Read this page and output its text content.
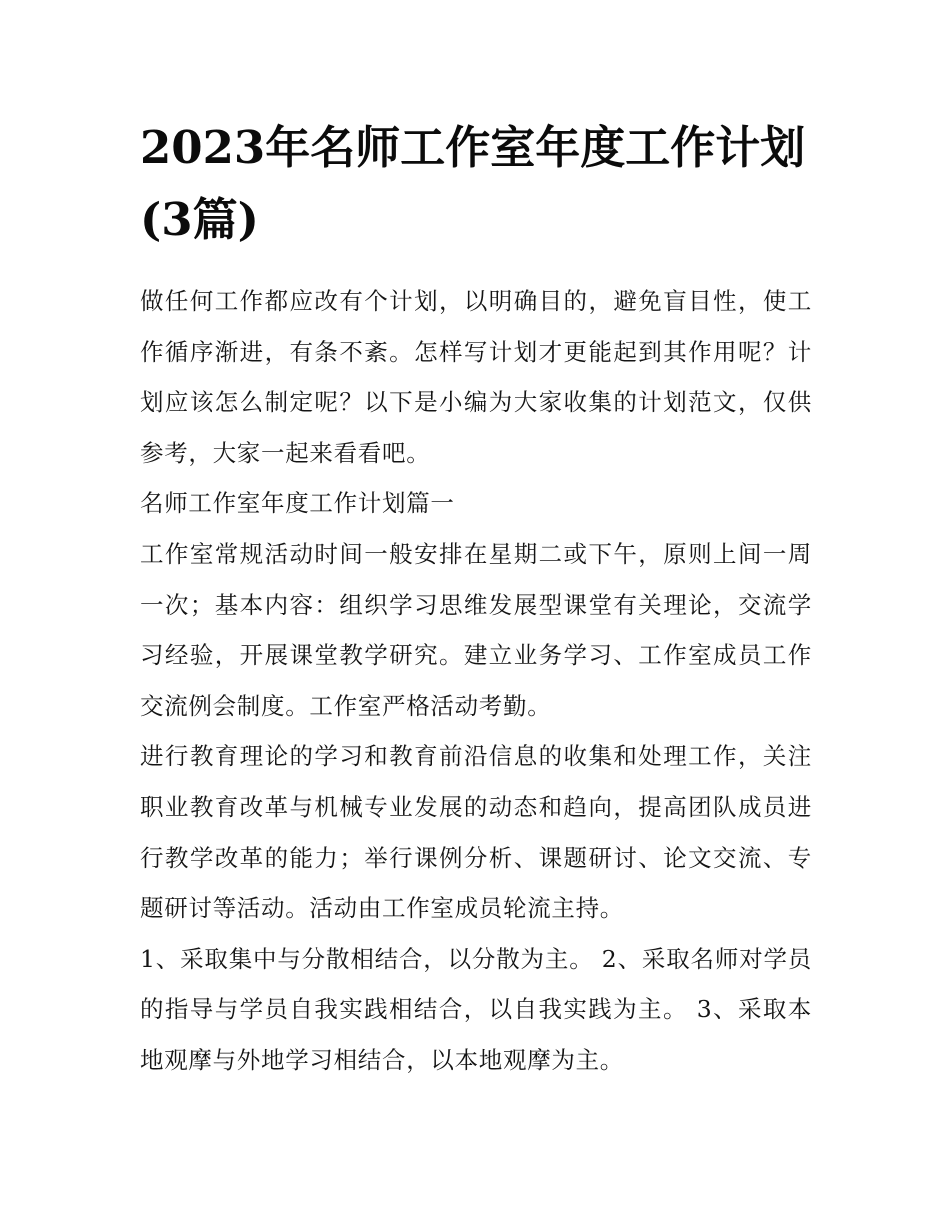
2023年名师工作室年度工作计划(3篇)

做任何工作都应改有个计划，以明确目的，避免盲目性，使工作循序渐进，有条不紊。怎样写计划才更能起到其作用呢？计划应该怎么制定呢？以下是小编为大家收集的计划范文，仅供参考，大家一起来看看吧。

名师工作室年度工作计划篇一

工作室常规活动时间一般安排在星期二或下午，原则上间一周一次；基本内容：组织学习思维发展型课堂有关理论，交流学习经验，开展课堂教学研究。建立业务学习、工作室成员工作交流例会制度。工作室严格活动考勤。

进行教育理论的学习和教育前沿信息的收集和处理工作，关注职业教育改革与机械专业发展的动态和趋向，提高团队成员进行教学改革的能力；举行课例分析、课题研讨、论文交流、专题研讨等活动。活动由工作室成员轮流主持。

1、采取集中与分散相结合，以分散为主。 2、采取名师对学员的指导与学员自我实践相结合，以自我实践为主。 3、采取本地观摩与外地学习相结合，以本地观摩为主。
